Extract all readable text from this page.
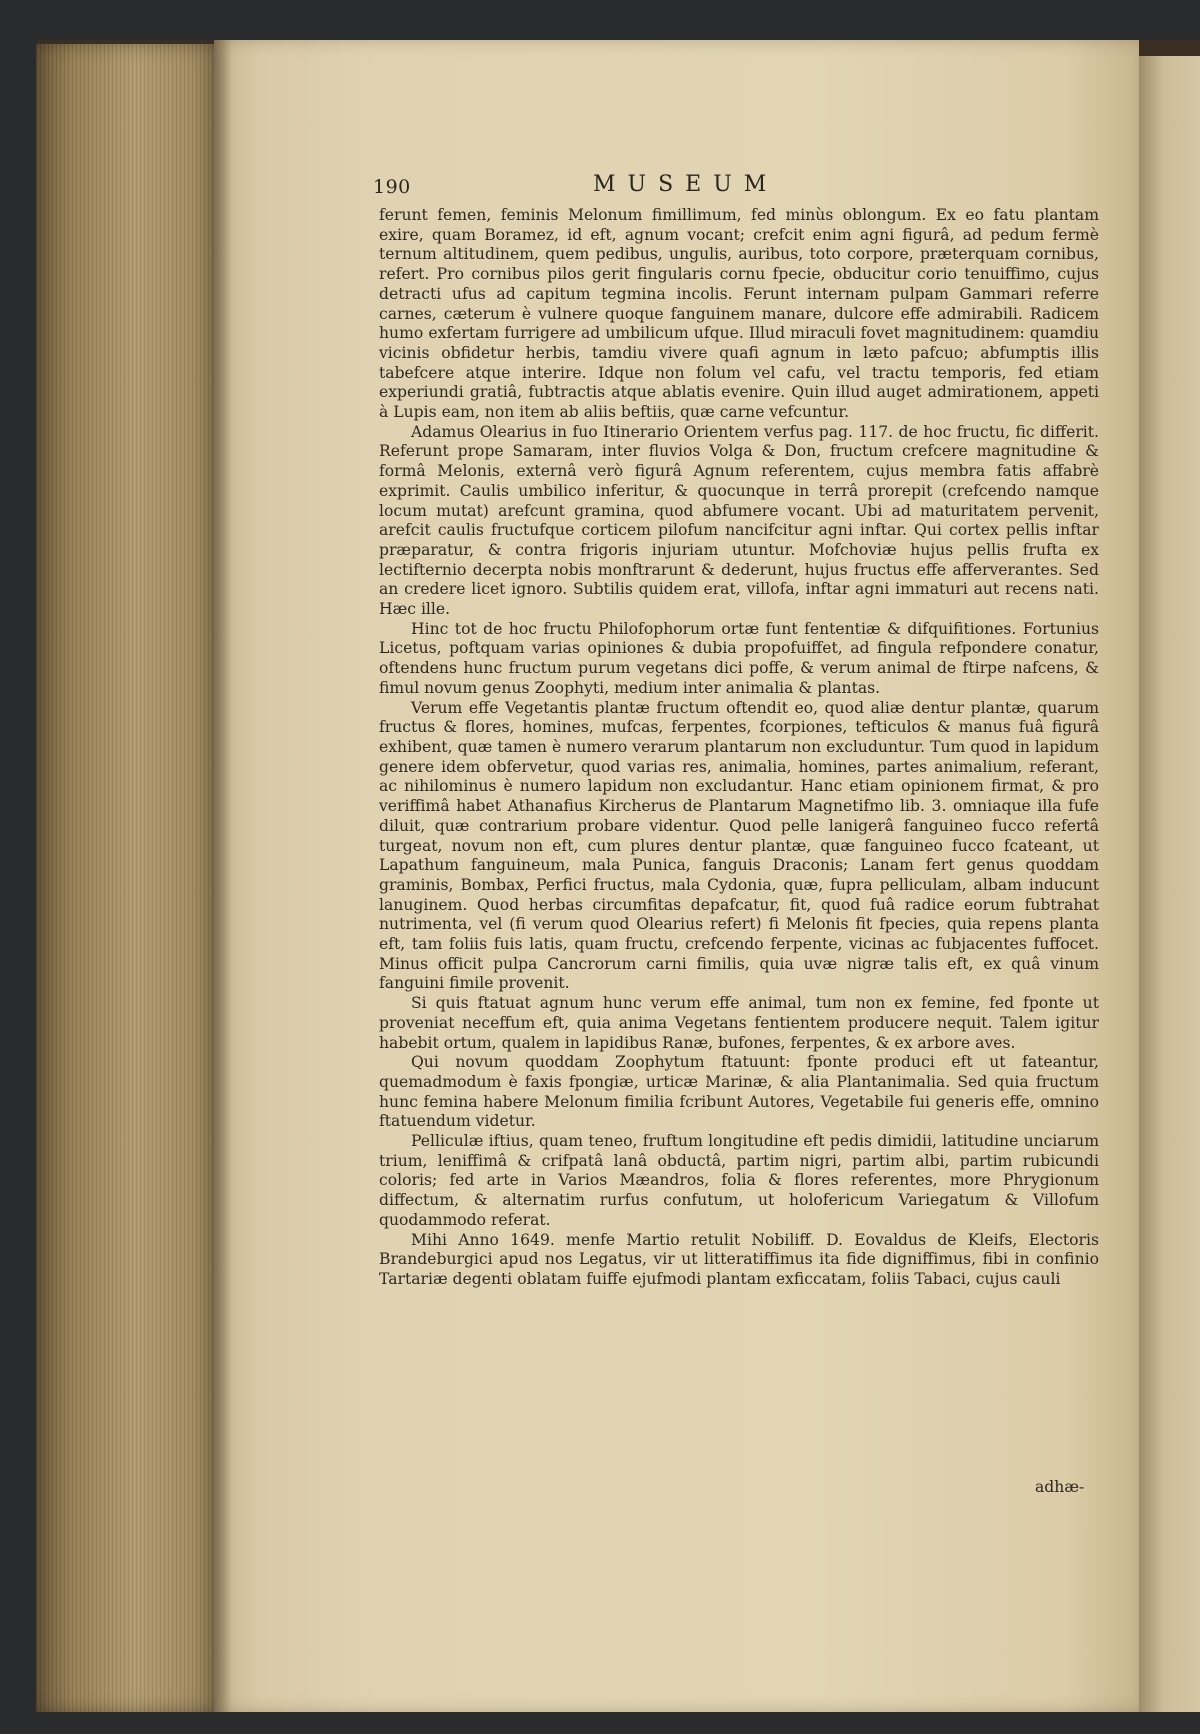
190	MUSEUM

ferunt femen, feminis Melonum fimillimum, fed minùs oblongum. Ex eo fatu plantam exire, quam Boramez, id eft, agnum vocant; crefcit enim agni figurâ, ad pedum fermè ternum altitudinem, quem pedibus, ungulis, auribus, toto corpore, præterquam cornibus, refert. Pro cornibus pilos gerit fingularis cornu fpecie, obducitur corio tenuiffimo, cujus detracti ufus ad capitum tegmina incolis. Ferunt internam pulpam Gammari referre carnes, cæterum è vulnere quoque fanguinem manare, dulcore effe admirabili. Radicem humo exfertam furrigere ad umbilicum ufque. Illud miraculi fovet magnitudinem: quamdiu vicinis obfidetur herbis, tamdiu vivere quafi agnum in læto pafcuo; abfumptis illis tabefcere atque interire. Idque non folum vel cafu, vel tractu temporis, fed etiam experiundi gratiâ, fubtractis atque ablatis evenire. Quin illud auget admirationem, appeti à Lupis eam, non item ab aliis beftiis, quæ carne vefcuntur.

Adamus Olearius in fuo Itinerario Orientem verfus pag. 117. de hoc fructu, fic differit. Referunt prope Samaram, inter fluvios Volga & Don, fructum crefcere magnitudine & formâ Melonis, externâ verò figurâ Agnum referentem, cujus membra fatis affabrè exprimit. Caulis umbilico inferitur, & quocunque in terrâ prorepit (crefcendo namque locum mutat) arefcunt gramina, quod abfumere vocant. Ubi ad maturitatem pervenit, arefcit caulis fructufque corticem pilofum nancifcitur agni inftar. Qui cortex pellis inftar præparatur, & contra frigoris injuriam utuntur. Mofchoviæ hujus pellis frufta ex lectifternio decerpta nobis monftrarunt & dederunt, hujus fructus effe afferverantes. Sed an credere licet ignoro. Subtilis quidem erat, villofa, inftar agni immaturi aut recens nati. Hæc ille.

Hinc tot de hoc fructu Philofophorum ortæ funt fententiæ & difquifitiones. Fortunius Licetus, poftquam varias opiniones & dubia propofuiffet, ad fingula refpondere conatur, oftendens hunc fructum purum vegetans dici poffe, & verum animal de ftirpe nafcens, & fimul novum genus Zoophyti, medium inter animalia & plantas.

Verum effe Vegetantis plantæ fructum oftendit eo, quod aliæ dentur plantæ, quarum fructus & flores, homines, mufcas, ferpentes, fcorpiones, tefticulos & manus fuâ figurâ exhibent, quæ tamen è numero verarum plantarum non excluduntur. Tum quod in lapidum genere idem obfervetur, quod varias res, animalia, homines, partes animalium, referant, ac nihilominus è numero lapidum non excludantur. Hanc etiam opinionem firmat, & pro veriffimâ habet Athanafius Kircherus de Plantarum Magnetifmo lib. 3. omniaque illa fufe diluit, quæ contrarium probare videntur. Quod pelle lanigerâ fanguineo fucco refertâ turgeat, novum non eft, cum plures dentur plantæ, quæ fanguineo fucco fcateant, ut Lapathum fanguineum, mala Punica, fanguis Draconis; Lanam fert genus quoddam graminis, Bombax, Perfici fructus, mala Cydonia, quæ, fupra pelliculam, albam inducunt lanuginem. Quod herbas circumfitas depafcatur, fit, quod fuâ radice eorum fubtrahat nutrimenta, vel (fi verum quod Olearius refert) fi Melonis fit fpecies, quia repens planta eft, tam foliis fuis latis, quam fructu, crefcendo ferpente, vicinas ac fubjacentes fuffocet. Minus officit pulpa Cancrorum carni fimilis, quia uvæ nigræ talis eft, ex quâ vinum fanguini fimile provenit.

Si quis ftatuat agnum hunc verum effe animal, tum non ex femine, fed fponte ut proveniat neceffum eft, quia anima Vegetans fentientem producere nequit. Talem igitur habebit ortum, qualem in lapidibus Ranæ, bufones, ferpentes, & ex arbore aves.

Qui novum quoddam Zoophytum ftatuunt: fponte produci eft ut fateantur, quemadmodum è faxis fpongiæ, urticæ Marinæ, & alia Plantanimalia. Sed quia fructum hunc femina habere Melonum fimilia fcribunt Autores, Vegetabile fui generis effe, omnino ftatuendum videtur.

Pelliculæ iftius, quam teneo, fruftum longitudine eft pedis dimidii, latitudine unciarum trium, leniffimâ & crifpatâ lanâ obductâ, partim nigri, partim albi, partim rubicundi coloris; fed arte in Varios Mæandros, folia & flores referentes, more Phrygionum diffectum, & alternatim rurfus confutum, ut holofericum Variegatum & Villofum quodammodo referat.

Mihi Anno 1649. menfe Martio retulit Nobiliff. D. Eovaldus de Kleifs, Electoris Brandeburgici apud nos Legatus, vir ut litteratiffimus ita fide digniffimus, fibi in confinio Tartariæ degenti oblatam fuiffe ejufmodi plantam exficcatam, foliis Tabaci, cujus cauli

adhæ-
